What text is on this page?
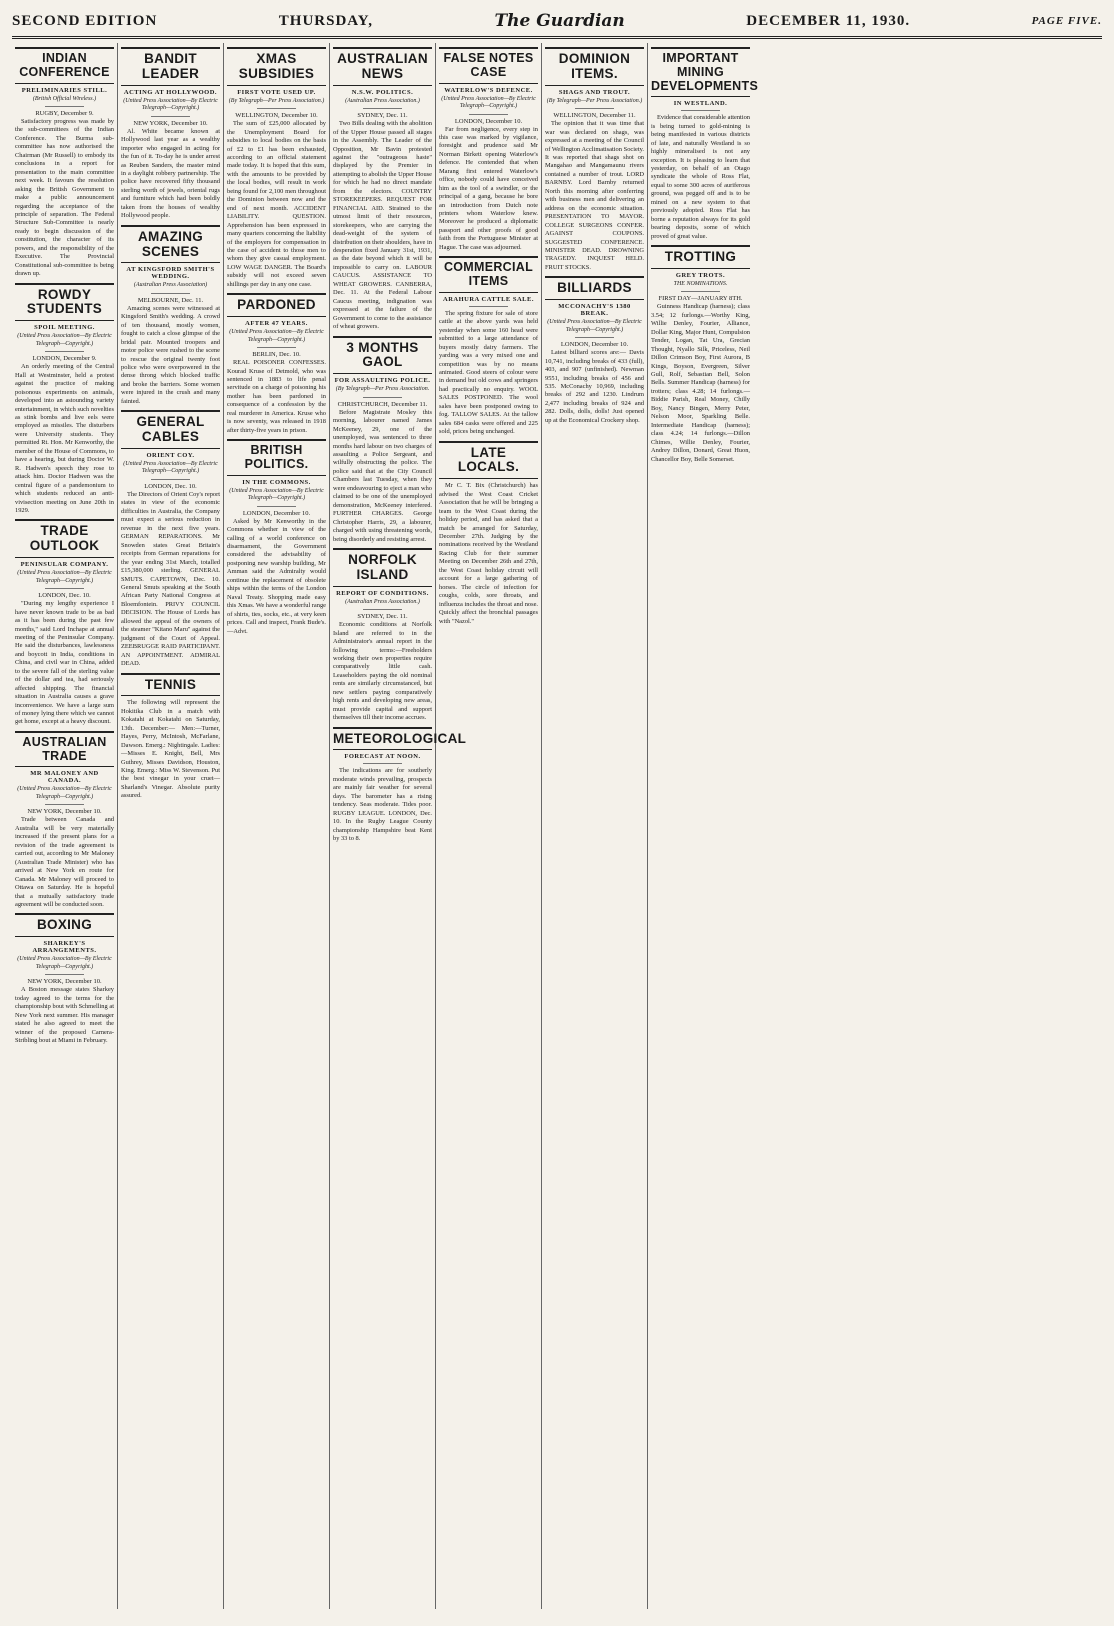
SECOND EDITION	THURSDAY,	The Guardian	DECEMBER 11, 1930.	PAGE FIVE.
INDIAN CONFERENCE
PRELIMINARIES STILL.
(British Official Wireless.)
RUGBY, December 9.

Satisfactory progress was made by the sub-committees of the Indian Conference. The Burma sub-committee has now authorised the Chairman (Mr Russell) to embody its conclusions in a report for presentation to the main committee next week. It favours the resolution asking the British Government to make a public announcement regarding the acceptance of the principle of separation. The Federal Structure Sub-Committee is nearly ready to begin discussion of the constitution, the character of its powers, and the responsibility of the Executive. The Provincial Constitutional sub-committee is being drawn up.

ROWDY STUDENTS
SPOIL MEETING.
(United Press Association—By Electric Telegraph—Copyright.)
LONDON, December 9.

An orderly meeting of the Central Hall at Westminster, held a protest against the practice of making poisonous experiments on animals, developed into an astounding variety entertainment, in which such novelties as stink bombs and live eels were employed as missiles. The disturbers were University students. They permitted Rt. Hon. Mr Kenworthy, the member of the House of Commons, to have a hearing, but during Doctor W. R. Hadwen's speech they rose to attack him. Doctor Hadwen was the central figure of a pandemonium to which students reduced an anti-vivisection meeting on June 20th in 1929.

TRADE OUTLOOK
PENINSULAR COMPANY.
(United Press Association—By Electric Telegraph—Copyright.)
LONDON, Dec. 10.

"During my lengthy experience I have never known trade to be as bad as it has been during the past few months," said Lord Inchape at annual meeting of the Peninsular Company. He said the disturbances, lawlessness and boycott in India, conditions in China, and civil war in China, added to the severe fall of the sterling value of the dollar and tea, had seriously affected shipping. The financial situation in Australia causes a grave inconvenience. We have a large sum of money lying there which we cannot get home, except at a heavy discount.

AUSTRALIAN TRADE
MR MALONEY AND CANADA.
(United Press Association—By Electric Telegraph—Copyright.)
NEW YORK, December 10.

Trade between Canada and Australia will be very materially increased if the present plans for a revision of the trade agreement is carried out, according to Mr Maloney (Australian Trade Minister) who has arrived at New York en route for Canada. Mr Maloney will proceed to Ottawa on Saturday. He is hopeful that a mutually satisfactory trade agreement will be conducted soon.

BOXING
SHARKEY'S ARRANGEMENTS.
(United Press Association—By Electric Telegraph—Copyright.)
NEW YORK, December 10.

A Boston message states Sharkey today agreed to the terms for the championship bout with Schmelling at New York next summer. His manager stated he also agreed to meet the winner of the proposed Carnera-Stribling bout at Miami in February.

BANDIT LEADER
ACTING AT HOLLYWOOD.
(United Press Association—By Electric Telegraph—Copyright.)
NEW YORK, December 10.

Al. White became known at Hollywood last year as a wealthy importer who engaged in acting for the fun of it. To-day he is under arrest as Reuben Sanders, the master mind in a daylight robbery partnership. The police have recovered fifty thousand sterling worth of jewels, oriental rugs and furniture which had been boldly taken from the houses of wealthy Hollywood people.

AMAZING SCENES
AT KINGSFORD SMITH'S WEDDING.
(Australian Press Association)
MELBOURNE, Dec. 11.

Amazing scenes were witnessed at Kingsford Smith's wedding. A crowd of ten thousand, mostly women, fought to catch a close glimpse of the bridal pair. Mounted troopers and motor police were rushed to the scene to rescue the original twenty foot police who were overpowered in the dense throng which blocked traffic and broke the barriers. Some women were injured in the crush and many fainted.

GENERAL CABLES
ORIENT COY.
(United Press Association—By Electric Telegraph—Copyright.)
LONDON, Dec. 10.

The Directors of Orient Coy's report states in view of the economic difficulties in Australia, the Company must expect a serious reduction in revenue in the next five years. GERMAN REPARATIONS. Mr Snowden states Great Britain's receipts from German reparations for the year ending 31st March, totalled £15,380,000 sterling. GENERAL SMUTS. CAPETOWN, Dec. 10. General Smuts speaking at the South African Party National Congress at Bloemfontein. PRIVY COUNCIL DECISION. The House of Lords has allowed the appeal of the owners of the steamer "Kitano Maru" against the judgment of the Court of Appeal. ZEEBRUGGE RAID PARTICIPANT. AN APPOINTMENT. ADMIRAL DEAD.

TENNIS

The following will represent the Hokitika Club in a match with Kokatahi at Kokatahi on Saturday, 13th. December:— Men:—Turner, Hayes, Perry, McIntosh, McFarlane, Dawson. Emerg.: Nightingale. Ladies:—Misses E. Knight, Bell, Mrs Guthrey, Misses Davidson, Houston, King. Emerg.: Miss W. Stevenson. Put the best vinegar in your cruet—Sharland's Vinegar. Absolute purity assured.

XMAS SUBSIDIES
FIRST VOTE USED UP.
(By Telegraph—Per Press Association.)
WELLINGTON, December 10.

The sum of £25,000 allocated by the Unemployment Board for subsidies to local bodies on the basis of £2 to £1 has been exhausted, according to an official statement made today. It is hoped that this sum, with the amounts to be provided by the local bodies, will result in work being found for 2,100 men throughout the Dominion between now and the end of next month. ACCIDENT LIABILITY. QUESTION. Apprehension has been expressed in many quarters concerning the liability of the employers for compensation in the case of accident to those men to whom they give casual employment. LOW WAGE DANGER. The Board's subsidy will not exceed seven shillings per day in any one case.

PARDONED
AFTER 47 YEARS.
(United Press Association—By Electric Telegraph—Copyright.)
BERLIN, Dec. 10.

REAL POISONER CONFESSES. Kourad Kruse of Detmold, who was sentenced in 1883 to life penal servitude on a charge of poisoning his mother has been pardoned in consequence of a confession by the real murderer in America. Kruse who is now seventy, was released in 1918 after thirty-five years in prison.

BRITISH POLITICS.
IN THE COMMONS.
(United Press Association—By Electric Telegraph—Copyright.)
LONDON, December 10.

Asked by Mr Kenworthy in the Commons whether in view of the calling of a world conference on disarmament, the Government considered the advisability of postponing new warship building, Mr Amman said the Admiralty would continue the replacement of obsolete ships within the terms of the London Naval Treaty. Shopping made easy this Xmas. We have a wonderful range of shirts, ties, socks, etc., at very keen prices. Call and inspect, Frank Bude's.—Advt.

AUSTRALIAN NEWS
N.S.W. POLITICS.
(Australian Press Association.)
SYDNEY, Dec. 11.

Two Bills dealing with the abolition of the Upper House passed all stages in the Assembly. The Leader of the Opposition, Mr Bavin protested against the "outrageous haste" displayed by the Premier in attempting to abolish the Upper House for which he had no direct mandate from the electors. COUNTRY STOREKEEPERS. REQUEST FOR FINANCIAL AID. Strained to the utmost limit of their resources, storekeepers, who are carrying the dead-weight of the system of distribution on their shoulders, have in desperation fixed January 31st, 1931, as the date beyond which it will be impossible to carry on. LABOUR CAUCUS. ASSISTANCE TO WHEAT GROWERS. CANBERRA, Dec. 11. At the Federal Labour Caucus meeting, indignation was expressed at the failure of the Government to come to the assistance of wheat growers.

3 MONTHS GAOL
FOR ASSAULTING POLICE.
(By Telegraph—Per Press Association.
CHRISTCHURCH, December 11.

Before Magistrate Mosley this morning, labourer named James McKeeney, 29, one of the unemployed, was sentenced to three months hard labour on two charges of assaulting a Police Sergeant, and wilfully obstructing the police. The police said that at the City Council Chambers last Tuesday, when they were endeavouring to eject a man who claimed to be one of the unemployed demonstration, McKeeney interfered. FURTHER CHARGES. George Christopher Harris, 29, a labourer, charged with using threatening words, being disorderly and resisting arrest.

NORFOLK ISLAND
REPORT OF CONDITIONS.
(Australian Press Association.)
SYDNEY, Dec. 11.

Economic conditions at Norfolk Island are referred to in the Administrator's annual report in the following terms:—Freeholders working their own properties require comparatively little cash. Leaseholders paying the old nominal rents are similarly circumstanced, but new settlers paying comparatively high rents and developing new areas, must provide capital and support themselves till their income accrues.

METEOROLOGICAL
FORECAST AT NOON.

The indications are for southerly moderate winds prevailing, prospects are mainly fair weather for several days. The barometer has a rising tendency. Seas moderate. Tides poor. RUGBY LEAGUE. LONDON, Dec. 10. In the Rugby League County championship Hampshire beat Kent by 33 to 8.

FALSE NOTES CASE
WATERLOW'S DEFENCE.
(United Press Association—By Electric Telegraph—Copyright.)
LONDON, December 10.

Far from negligence, every step in this case was marked by vigilance, foresight and prudence said Mr Norman Birkett opening Waterlow's defence. He contended that when Marang first entered Waterlow's office, nobody could have conceived him as the tool of a swindler, or the principal of a gang, because he bore an introduction from Dutch note printers whom Waterlow knew. Moreover he produced a diplomatic passport and other proofs of good faith from the Portuguese Minister at Hague. The case was adjourned.

COMMERCIAL ITEMS
ARAHURA CATTLE SALE.

The spring fixture for sale of store cattle at the above yards was held yesterday when some 160 head were submitted to a large attendance of buyers mostly dairy farmers. The yarding was a very mixed one and competition was by no means animated. Good steers of colour were in demand but old cows and springers had practically no enquiry. WOOL SALES POSTPONED. The wool sales have been postponed owing to fog. TALLOW SALES. At the tallow sales 684 casks were offered and 225 sold, prices being unchanged.

LATE LOCALS.

Mr C. T. Bix (Christchurch) has advised the West Coast Cricket Association that he will be bringing a team to the West Coast during the holiday period, and has asked that a match be arranged for Saturday, December 27th. Judging by the nominations received by the Westland Racing Club for their summer Meeting on December 26th and 27th, the West Coast holiday circuit will account for a large gathering of horses. The circle of infection for coughs, colds, sore throats, and influenza includes the throat and nose. Quickly affect the bronchial passages with "Nazol."

DOMINION ITEMS.
SHAGS AND TROUT.
(By Telegraph—Per Press Association.)
WELLINGTON, December 11.

The opinion that it was time that war was declared on shags, was expressed at a meeting of the Council of Wellington Acclimatisation Society. It was reported that shags shot on Mangahao and Mangamaunu rivers contained a number of trout. LORD BARNBY. Lord Barnby returned North this morning after conferring with business men and delivering an address on the economic situation. PRESENTATION TO MAYOR. COLLEGE SURGEONS CONFER. AGAINST COUPONS. SUGGESTED CONFERENCE. MINISTER DEAD. DROWNING TRAGEDY. INQUEST HELD. FRUIT STOCKS.

BILLIARDS
MCCONACHY'S 1380 BREAK.
(United Press Association—By Electric Telegraph—Copyright.)
LONDON, December 10.

Latest billiard scores are:— Davis 10,741, including breaks of 433 (full), 403, and 907 (unfinished). Newman 9551, including breaks of 456 and 535. McConachy 10,969, including breaks of 292 and 1230. Lindrum 2,477 including breaks of 924 and 282. Dolls, dolls, dolls! Just opened up at the Economical Crockery shop.

IMPORTANT MINING DEVELOPMENTS
IN WESTLAND.

Evidence that considerable attention is being turned to gold-mining is being manifested in various districts of late, and naturally Westland is so highly mineralised is not any exception. It is pleasing to learn that yesterday, on behalf of an Otago syndicate the whole of Ross Flat, equal to some 300 acres of auriferous ground, was pegged off and is to be mined on a new system to that previously adopted. Ross Flat has borne a reputation always for its gold bearing deposits, some of which proved of great value.

TROTTING
GREY TROTS.
THE NOMINATIONS.
FIRST DAY—JANUARY 8TH.

Guinness Handicap (harness); class 3.54; 12 furlongs.—Worthy King, Willie Denley, Fourier, Alliance, Dollar King, Major Hunt, Compulsion Tender, Logan, Tat Ura, Grecian Thought, Nyallo Silk, Priceless, Neil Dillon Crimson Boy, First Aurora, B Kings, Boyson, Evergreen, Silver Gull, Rolf, Sebastian Bell, Solon Bells. Summer Handicap (harness) for trotters; class 4.28; 14 furlongs.—Biddie Parish, Real Money, Chilly Boy, Nancy Bingen, Merry Peter, Nelson Moor, Sparkling Belle. Intermediate Handicap (harness); class 4.24; 14 furlongs.—Dillon Chimes, Willie Denley, Fourier, Andrey Dillon, Donard, Great Huon, Chancellor Boy, Belle Somerset.
